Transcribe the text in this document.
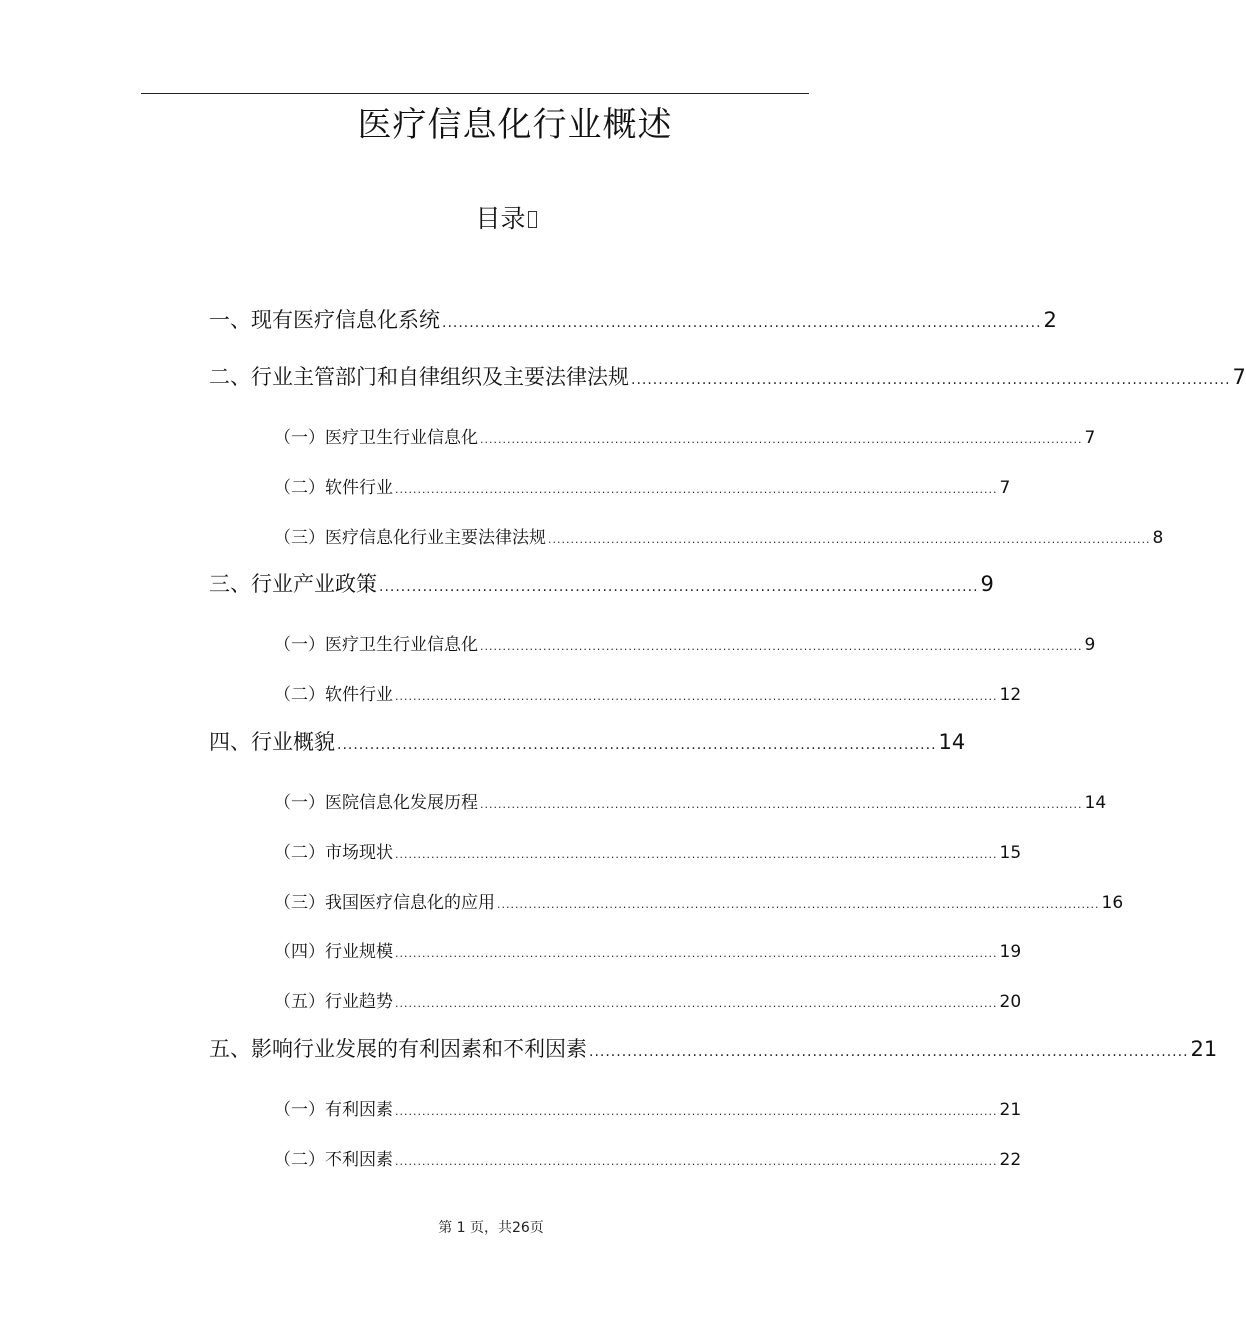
医疗信息化行业概述
目录
一、现有医疗信息化系统 .............................................................................................................. 2
二、行业主管部门和自律组织及主要法律法规 .............................................................................................................. 7
（一）医疗卫生行业信息化 ...................................................................................................................................... 7
（二）软件行业 ...................................................................................................................................... 7
（三）医疗信息化行业主要法律法规 ...................................................................................................................................... 8
三、行业产业政策 .............................................................................................................. 9
（一）医疗卫生行业信息化 ...................................................................................................................................... 9
（二）软件行业 ...................................................................................................................................... 12
四、行业概貌 .............................................................................................................. 14
（一）医院信息化发展历程 ...................................................................................................................................... 14
（二）市场现状 ...................................................................................................................................... 15
（三）我国医疗信息化的应用 ...................................................................................................................................... 16
（四）行业规模 ...................................................................................................................................... 19
（五）行业趋势 ...................................................................................................................................... 20
五、影响行业发展的有利因素和不利因素 .............................................................................................................. 21
（一）有利因素 ...................................................................................................................................... 21
（二）不利因素 ...................................................................................................................................... 22
第 1 页，共26页
